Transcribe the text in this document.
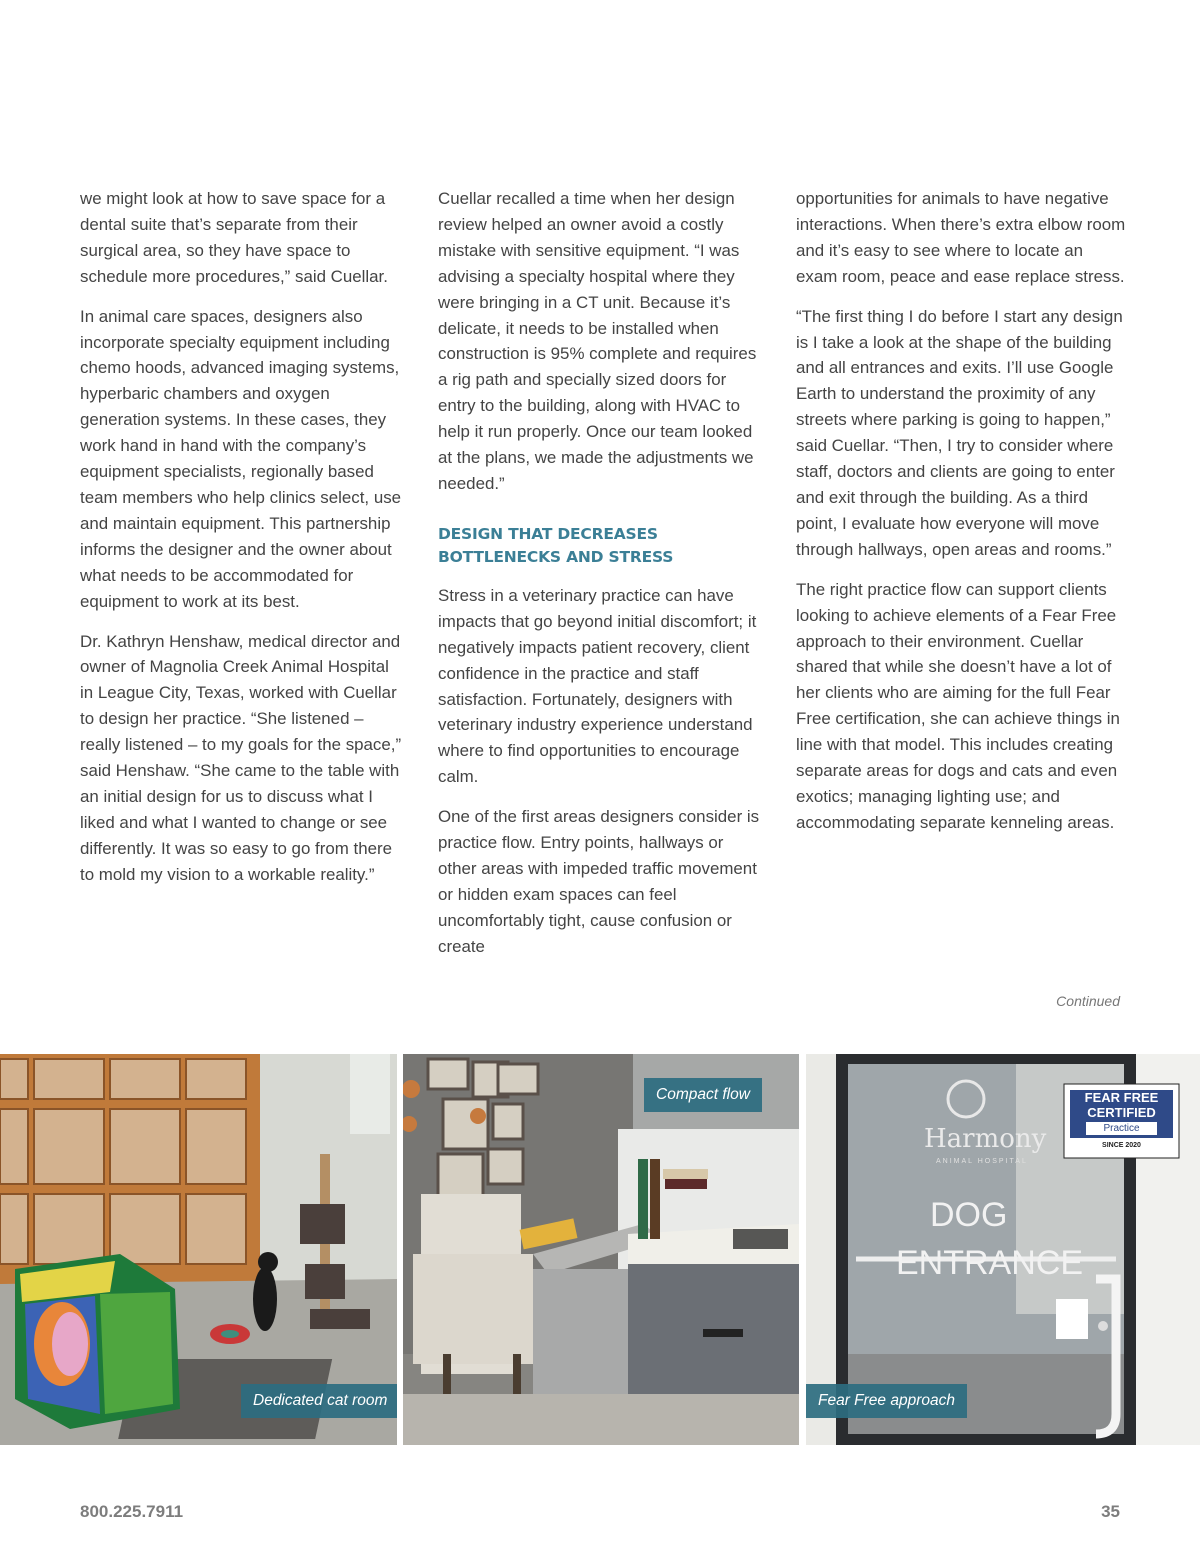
we might look at how to save space for a dental suite that’s separate from their surgical area, so they have space to schedule more procedures,” said Cuellar.

In animal care spaces, designers also incorporate specialty equipment including chemo hoods, advanced imaging systems, hyperbaric chambers and oxygen generation systems. In these cases, they work hand in hand with the company’s equipment specialists, regionally based team members who help clinics select, use and maintain equipment. This partnership informs the designer and the owner about what needs to be accommodated for equipment to work at its best.

Dr. Kathryn Henshaw, medical director and owner of Magnolia Creek Animal Hospital in League City, Texas, worked with Cuellar to design her practice. “She listened – really listened – to my goals for the space,” said Henshaw. “She came to the table with an initial design for us to discuss what I liked and what I wanted to change or see differently. It was so easy to go from there to mold my vision to a workable reality.”

Cuellar recalled a time when her design review helped an owner avoid a costly mistake with sensitive equipment. “I was advising a specialty hospital where they were bringing in a CT unit. Because it’s delicate, it needs to be installed when construction is 95% complete and requires a rig path and specially sized doors for entry to the building, along with HVAC to help it run properly. Once our team looked at the plans, we made the adjustments we needed.”

DESIGN THAT DECREASES
BOTTLENECKS AND STRESS

Stress in a veterinary practice can have impacts that go beyond initial discomfort; it negatively impacts patient recovery, client confidence in the practice and staff satisfaction. Fortunately, designers with veterinary industry experience understand where to find opportunities to encourage calm.

One of the first areas designers consider is practice flow. Entry points, hallways or other areas with impeded traffic movement or hidden exam spaces can feel uncomfortably tight, cause confusion or create

opportunities for animals to have negative interactions. When there’s extra elbow room and it’s easy to see where to locate an exam room, peace and ease replace stress.

“The first thing I do before I start any design is I take a look at the shape of the building and all entrances and exits. I’ll use Google Earth to understand the proximity of any streets where parking is going to happen,” said Cuellar. “Then, I try to consider where staff, doctors and clients are going to enter and exit through the building. As a third point, I evaluate how everyone will move through hallways, open areas and rooms.”

The right practice flow can support clients looking to achieve elements of a Fear Free approach to their environment. Cuellar shared that while she doesn’t have a lot of her clients who are aiming for the full Fear Free certification, she can achieve things in line with that model. This includes creating separate areas for dogs and cats and even exotics; managing lighting use; and accommodating separate kenneling areas.

Continued
Dedicated cat room
Compact flow
Harmony
ANIMAL HOSPITAL
DOG
ENTRANCE
FEAR FREE
CERTIFIED
Practice
SINCE 2020
Fear Free approach
800.225.7911	35
